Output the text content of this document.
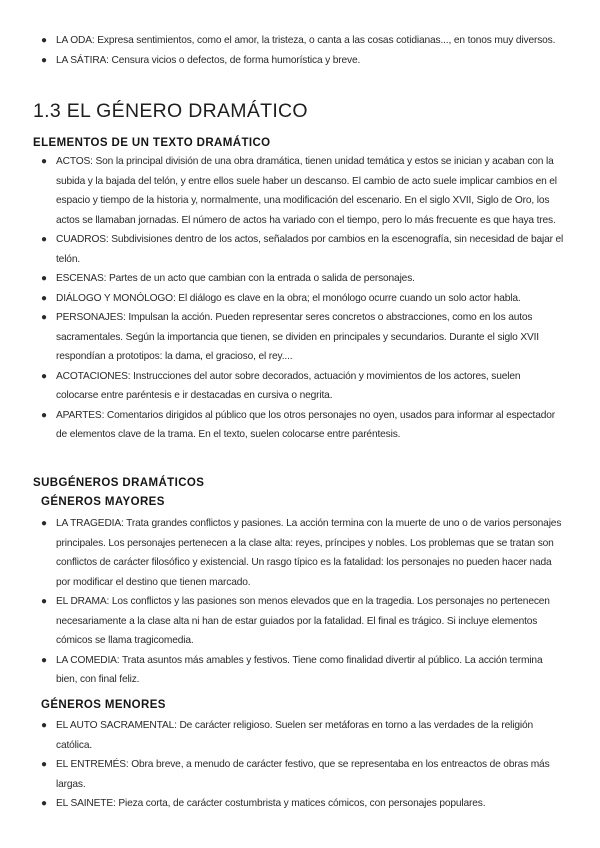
● LA ODA: Expresa sentimientos, como el amor, la tristeza, o canta a las cosas cotidianas..., en tonos muy diversos.
● LA SÁTIRA: Censura vicios o defectos, de forma humorística y breve.
1.3 EL GÉNERO DRAMÁTICO
ELEMENTOS DE UN TEXTO DRAMÁTICO
● ACTOS: Son la principal división de una obra dramática, tienen unidad temática y estos se inician y acaban con la subida y la bajada del telón, y entre ellos suele haber un descanso. El cambio de acto suele implicar cambios en el espacio y tiempo de la historia y, normalmente, una modificación del escenario. En el siglo XVII, Siglo de Oro, los actos se llamaban jornadas. El número de actos ha variado con el tiempo, pero lo más frecuente es que haya tres.
● CUADROS: Subdivisiones dentro de los actos, señalados por cambios en la escenografía, sin necesidad de bajar el telón.
● ESCENAS: Partes de un acto que cambian con la entrada o salida de personajes.
● DIÁLOGO Y MONÓLOGO: El diálogo es clave en la obra; el monólogo ocurre cuando un solo actor habla.
● PERSONAJES: Impulsan la acción. Pueden representar seres concretos o abstracciones, como en los autos sacramentales. Según la importancia que tienen, se dividen en principales y secundarios. Durante el siglo XVII respondían a prototipos: la dama, el gracioso, el rey....
● ACOTACIONES: Instrucciones del autor sobre decorados, actuación y movimientos de los actores, suelen colocarse entre paréntesis e ir destacadas en cursiva o negrita.
● APARTES: Comentarios dirigidos al público que los otros personajes no oyen, usados para informar al espectador de elementos clave de la trama. En el texto, suelen colocarse entre paréntesis.
SUBGÉNEROS DRAMÁTICOS
GÉNEROS MAYORES
● LA TRAGEDIA: Trata grandes conflictos y pasiones. La acción termina con la muerte de uno o de varios personajes principales. Los personajes pertenecen a la clase alta: reyes, príncipes y nobles. Los problemas que se tratan son conflictos de carácter filosófico y existencial. Un rasgo típico es la fatalidad: los personajes no pueden hacer nada por modificar el destino que tienen marcado.
● EL DRAMA: Los conflictos y las pasiones son menos elevados que en la tragedia. Los personajes no pertenecen necesariamente a la clase alta ni han de estar guiados por la fatalidad. El final es trágico. Si incluye elementos cómicos se llama tragicomedia.
● LA COMEDIA: Trata asuntos más amables y festivos. Tiene como finalidad divertir al público. La acción termina bien, con final feliz.
GÉNEROS MENORES
● EL AUTO SACRAMENTAL: De carácter religioso. Suelen ser metáforas en torno a las verdades de la religión católica.
● EL ENTREMÉS: Obra breve, a menudo de carácter festivo, que se representaba en los entreactos de obras más largas.
● EL SAINETE: Pieza corta, de carácter costumbrista y matices cómicos, con personajes populares.
